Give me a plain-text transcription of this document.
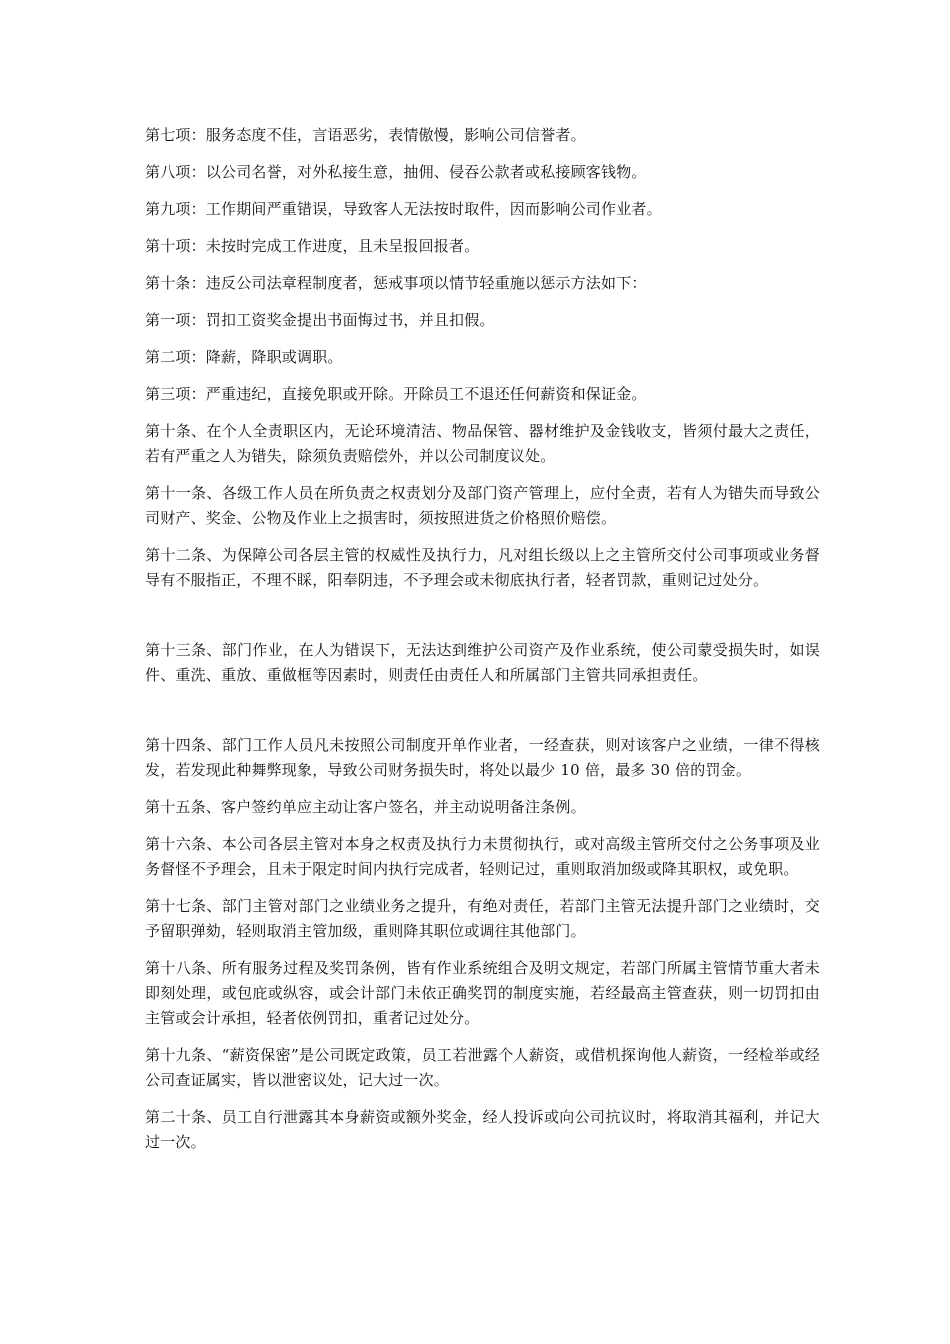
第七项：服务态度不佳，言语恶劣，表情傲慢，影响公司信誉者。

第八项：以公司名誉，对外私接生意，抽佣、侵吞公款者或私接顾客钱物。

第九项：工作期间严重错误，导致客人无法按时取件，因而影响公司作业者。

第十项：未按时完成工作进度，且未呈报回报者。

第十条：违反公司法章程制度者，惩戒事项以情节轻重施以惩示方法如下：

第一项：罚扣工资奖金提出书面悔过书，并且扣假。

第二项：降薪，降职或调职。

第三项：严重违纪，直接免职或开除。开除员工不退还任何薪资和保证金。

第十条、在个人全责职区内，无论环境清洁、物品保管、器材维护及金钱收支，皆须付最大之责任，若有严重之人为错失，除须负责赔偿外，并以公司制度议处。

第十一条、各级工作人员在所负责之权责划分及部门资产管理上，应付全责，若有人为错失而导致公司财产、奖金、公物及作业上之损害时，须按照进货之价格照价赔偿。

第十二条、为保障公司各层主管的权威性及执行力，凡对组长级以上之主管所交付公司事项或业务督导有不服指正，不理不睬，阳奉阴违，不予理会或未彻底执行者，轻者罚款，重则记过处分。

第十三条、部门作业，在人为错误下，无法达到维护公司资产及作业系统，使公司蒙受损失时，如误件、重洗、重放、重做框等因素时，则责任由责任人和所属部门主管共同承担责任。

第十四条、部门工作人员凡未按照公司制度开单作业者，一经查获，则对该客户之业绩，一律不得核发，若发现此种舞弊现象，导致公司财务损失时，将处以最少 10 倍，最多 30 倍的罚金。

第十五条、客户签约单应主动让客户签名，并主动说明备注条例。

第十六条、本公司各层主管对本身之权责及执行力未贯彻执行，或对高级主管所交付之公务事项及业务督怪不予理会，且未于限定时间内执行完成者，轻则记过，重则取消加级或降其职权，或免职。

第十七条、部门主管对部门之业绩业务之提升，有绝对责任，若部门主管无法提升部门之业绩时，交予留职弹劾，轻则取消主管加级，重则降其职位或调往其他部门。

第十八条、所有服务过程及奖罚条例，皆有作业系统组合及明文规定，若部门所属主管情节重大者未即刻处理，或包庇或纵容，或会计部门未依正确奖罚的制度实施，若经最高主管查获，则一切罚扣由主管或会计承担，轻者依例罚扣，重者记过处分。

第十九条、“薪资保密”是公司既定政策，员工若泄露个人薪资，或借机探询他人薪资，一经检举或经公司查证属实，皆以泄密议处，记大过一次。

第二十条、员工自行泄露其本身薪资或额外奖金，经人投诉或向公司抗议时，将取消其福利，并记大过一次。
